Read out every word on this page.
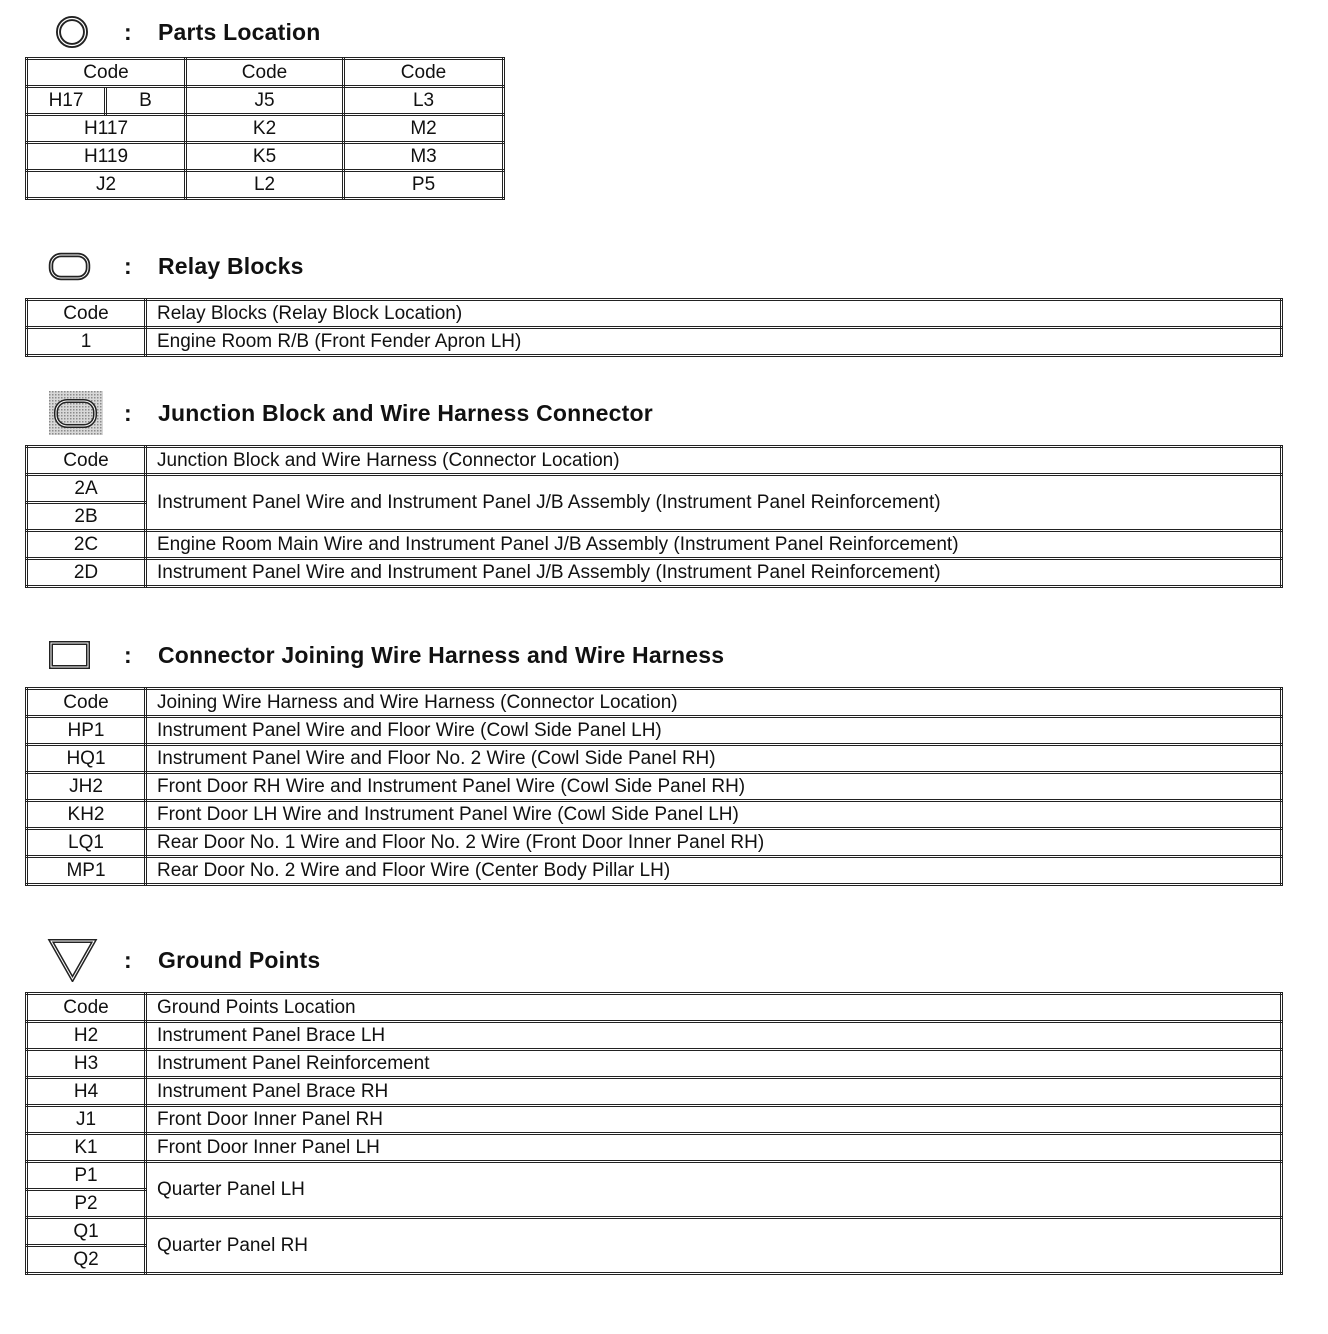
:	Parts Location
Code		Code	Code
H17	B	J5	L3
H117		K2	M2
H119		K5	M3
J2		L2	P5
:	Relay Blocks
Code	Relay Blocks (Relay Block Location)
1	Engine Room R/B (Front Fender Apron LH)
:	Junction Block and Wire Harness Connector
Code	Junction Block and Wire Harness (Connector Location)
2A	Instrument Panel Wire and Instrument Panel J/B Assembly (Instrument Panel Reinforcement)
2B	
2C	Engine Room Main Wire and Instrument Panel J/B Assembly (Instrument Panel Reinforcement)
2D	Instrument Panel Wire and Instrument Panel J/B Assembly (Instrument Panel Reinforcement)
:	Connector Joining Wire Harness and Wire Harness
Code	Joining Wire Harness and Wire Harness (Connector Location)
HP1	Instrument Panel Wire and Floor Wire (Cowl Side Panel LH)
HQ1	Instrument Panel Wire and Floor No. 2 Wire (Cowl Side Panel RH)
JH2	Front Door RH Wire and Instrument Panel Wire (Cowl Side Panel RH)
KH2	Front Door LH Wire and Instrument Panel Wire (Cowl Side Panel LH)
LQ1	Rear Door No. 1 Wire and Floor No. 2 Wire (Front Door Inner Panel RH)
MP1	Rear Door No. 2 Wire and Floor Wire (Center Body Pillar LH)
:	Ground Points
Code	Ground Points Location
H2	Instrument Panel Brace LH
H3	Instrument Panel Reinforcement
H4	Instrument Panel Brace RH
J1	Front Door Inner Panel RH
K1	Front Door Inner Panel LH
P1	Quarter Panel LH
P2	
Q1	Quarter Panel RH
Q2	
